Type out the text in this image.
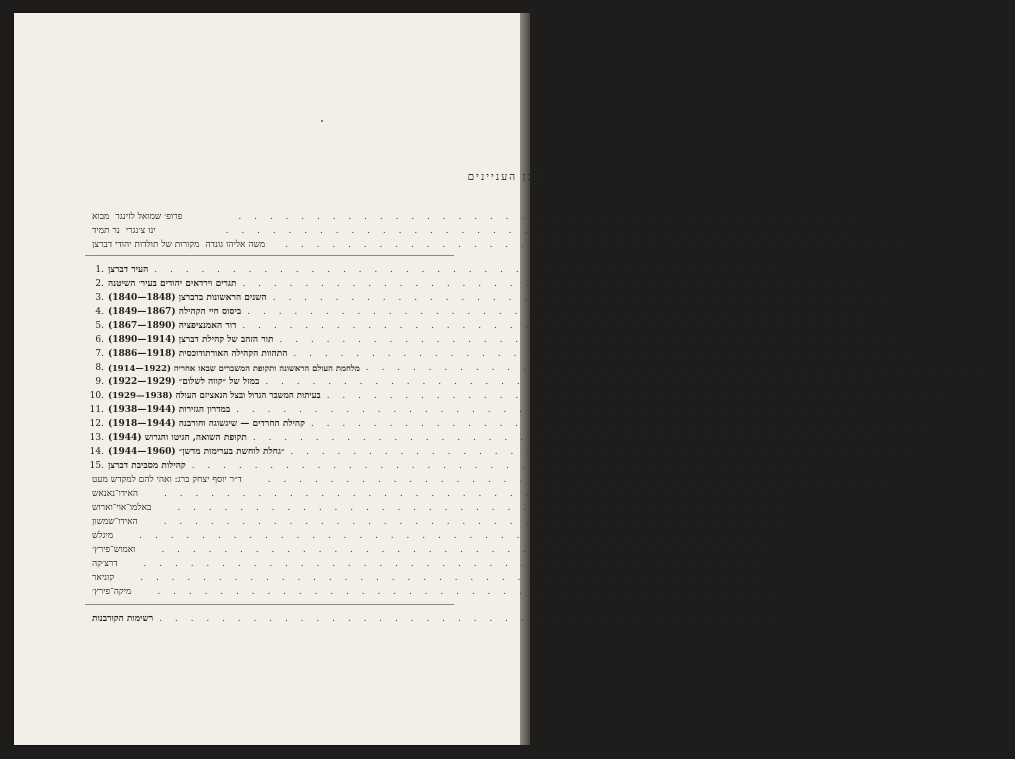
תוכן העניינים
מבוא פרופ׳ שמואל לזינגר	. . . . . . . . . . . . . . . . . . . . . . . . . . . . . . . . . . . . . . . . 7
נר תמיד ינו צ׳נגרי	. . . . . . . . . . . . . . . . . . . . . . . . . . . . . . . . . . . . . . . . 9
מקורות של תולדות יהודי דברצן משה אליהו גונדה	. . . . . . . . . . . . . . . . . . . . . . . . . . . . . . . . . . . . . . . . 10
1. העיר דברצן . . . . . . . . . . . . . . . . . . . . . . . . . . . . . . . . . . . . . . . . 13
2. תגרים וירדאים יהודים בעיר׳ השיטנה . . . . . . . . . . . . . . . . . . . . . . . . . . . . . . . . . . . . . . . . 19
3. השנים הראשונות בדברצן (1848—1840) . . . . . . . . . . . . . . . . . . . . . . . . . . . . . . . . . . . . . . . . 25
4. ביסוס חיי הקהילה (1867—1849) . . . . . . . . . . . . . . . . . . . . . . . . . . . . . . . . . . . . . . . . 39
5. דור האמנציפציה (1890—1867) . . . . . . . . . . . . . . . . . . . . . . . . . . . . . . . . . . . . . . . . 55
6. תור הזהב של קהילת דברצן (1914—1890) . . . . . . . . . . . . . . . . . . . . . . . . . . . . . . . . . . . . . . . . 69
7. התהוות הקהילה האורתודוכסית (1918—1886) . . . . . . . . . . . . . . . . . . . . . . . . . . . . . . . . . . . . . . . . 101
8. מלחמת העולם הראשונה ותקופת המשברים שבאו אחריה (1922—1914) . . . . . . . . . . . . . . . . . . . . . . . . . . . . . . . . . . . . . . . . 107
9. במזל של ״קווה לשלום״ (1929—1922) . . . . . . . . . . . . . . . . . . . . . . . . . . . . . . . . . . . . . . . . 122
10. בעיתות המשבר הגדול ובצל הנאציזם העולה (1938—1929) . . . . . . . . . . . . . . . . . . . . . . . . . . . . . . . . . . . . . . . . 156
11. במדרון הגזירות (1944—1938) . . . . . . . . . . . . . . . . . . . . . . . . . . . . . . . . . . . . . . . . 187
12. קהילת החרדים — שיגשוגה וחורבנה (1944—1918) . . . . . . . . . . . . . . . . . . . . . . . . . . . . . . . . . . . . . . . . 204
13. תקופת השואה, הגיטו והגרוש (1944) . . . . . . . . . . . . . . . . . . . . . . . . . . . . . . . . . . . . . . . . 214
14. ״גחלת לוחשת בערימות מדשן״ (1960—1944) . . . . . . . . . . . . . . . . . . . . . . . . . . . . . . . . . . . . . . . . 231
15. קהילות מסביבת דברצן . . . . . . . . . . . . . . . . . . . . . . . . . . . . . . . . . . . . . . . . 247
ד״ר יוסף יצחק ברג: ואהי להם למקדש מעט	. . . . . . . . . . . . . . . . . . . . . . . . . . . . . . . . . . . . . . . . 247
האידו־נאנאש	. . . . . . . . . . . . . . . . . . . . . . . . . . . . . . . . . . . . . . . . 248
באלמו־אוי־וארוש	. . . . . . . . . . . . . . . . . . . . . . . . . . . . . . . . . . . . . . . . 253
האידו־שמשון	. . . . . . . . . . . . . . . . . . . . . . . . . . . . . . . . . . . . . . . . 255
מיגלש	. . . . . . . . . . . . . . . . . . . . . . . . . . . . . . . . . . . . . . . . 257
ואמוש־פירץ׳	. . . . . . . . . . . . . . . . . . . . . . . . . . . . . . . . . . . . . . . . 259
דרצ׳קה	. . . . . . . . . . . . . . . . . . . . . . . . . . . . . . . . . . . . . . . . 260
קוניאר	. . . . . . . . . . . . . . . . . . . . . . . . . . . . . . . . . . . . . . . . 262
מיקה־פירץ׳	. . . . . . . . . . . . . . . . . . . . . . . . . . . . . . . . . . . . . . . . 263
רשימות הקורבנות . . . . . . . . . . . . . . . . . . . . . . . . . . . . . . . . . . . . . . . . 265
